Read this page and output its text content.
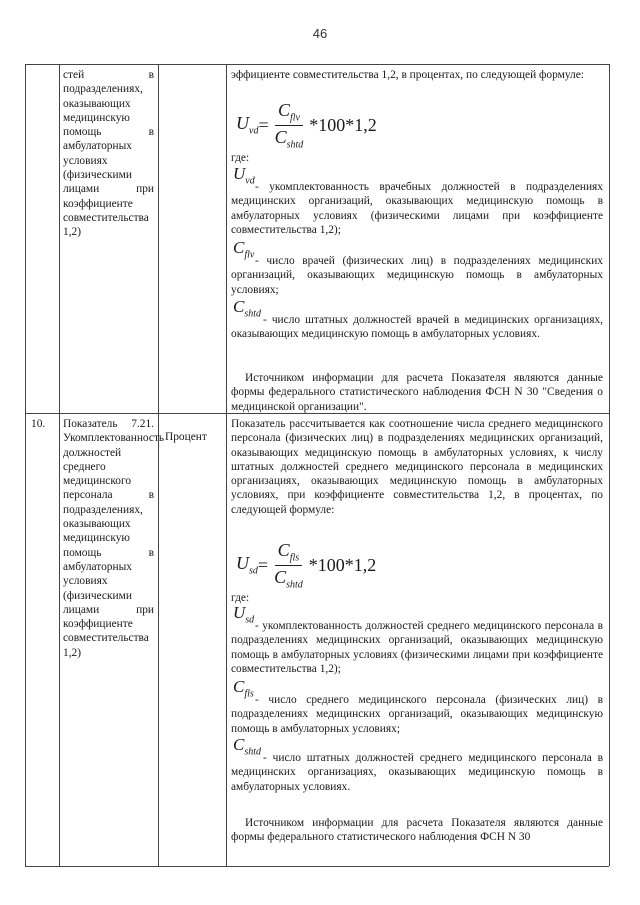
46
стей в подразделениях, оказывающих медицинскую помощь в амбулаторных условиях (физическими лицами при коэффициенте совместительства 1,2)
эффициенте совместительства 1,2, в процентах, по следующей формуле:
$U_{vd} = \frac{C_{flv}}{C_{shtd}} *100*1,2$
где:
$U_{vd}$
- укомплектованность врачебных должностей в подразделениях медицинских организаций, оказывающих медицинскую помощь в амбулаторных условиях (физическими лицами при коэффициенте совместительства 1,2);
$C_{flv}$
- число врачей (физических лиц) в подразделениях медицинских организаций, оказывающих медицинскую помощь в амбулаторных условиях;
$C_{shtd}$
- число штатных должностей врачей в медицинских организациях, оказывающих медицинскую помощь в амбулаторных условиях.
Источником информации для расчета Показателя являются данные формы федерального статистического наблюдения ФСН N 30 "Сведения о медицинской организации".
10. Показатель 7.21. Укомплектованность должностей среднего медицинского персонала в подразделениях, оказывающих медицинскую помощь в амбулаторных условиях (физическими лицами при коэффициенте совместительства 1,2)
Процент
Показатель рассчитывается как соотношение числа среднего медицинского персонала (физических лиц) в подразделениях медицинских организаций, оказывающих медицинскую помощь в амбулаторных условиях, к числу штатных должностей среднего медицинского персонала в медицинских организациях, оказывающих медицинскую помощь в амбулаторных условиях, при коэффициенте совместительства 1,2, в процентах, по следующей формуле:
$U_{sd} = \frac{C_{fls}}{C_{shtd}} *100*1,2$
где:
$U_{sd}$
- укомплектованность должностей среднего медицинского персонала в подразделениях медицинских организаций, оказывающих медицинскую помощь в амбулаторных условиях (физическими лицами при коэффициенте совместительства 1,2);
$C_{fls}$
- число среднего медицинского персонала (физических лиц) в подразделениях медицинских организаций, оказывающих медицинскую помощь в амбулаторных условиях;
$C_{shtd}$
- число штатных должностей среднего медицинского персонала в медицинских организациях, оказывающих медицинскую помощь в амбулаторных условиях.
Источником информации для расчета Показателя являются данные формы федерального статистического наблюдения ФСН N 30
